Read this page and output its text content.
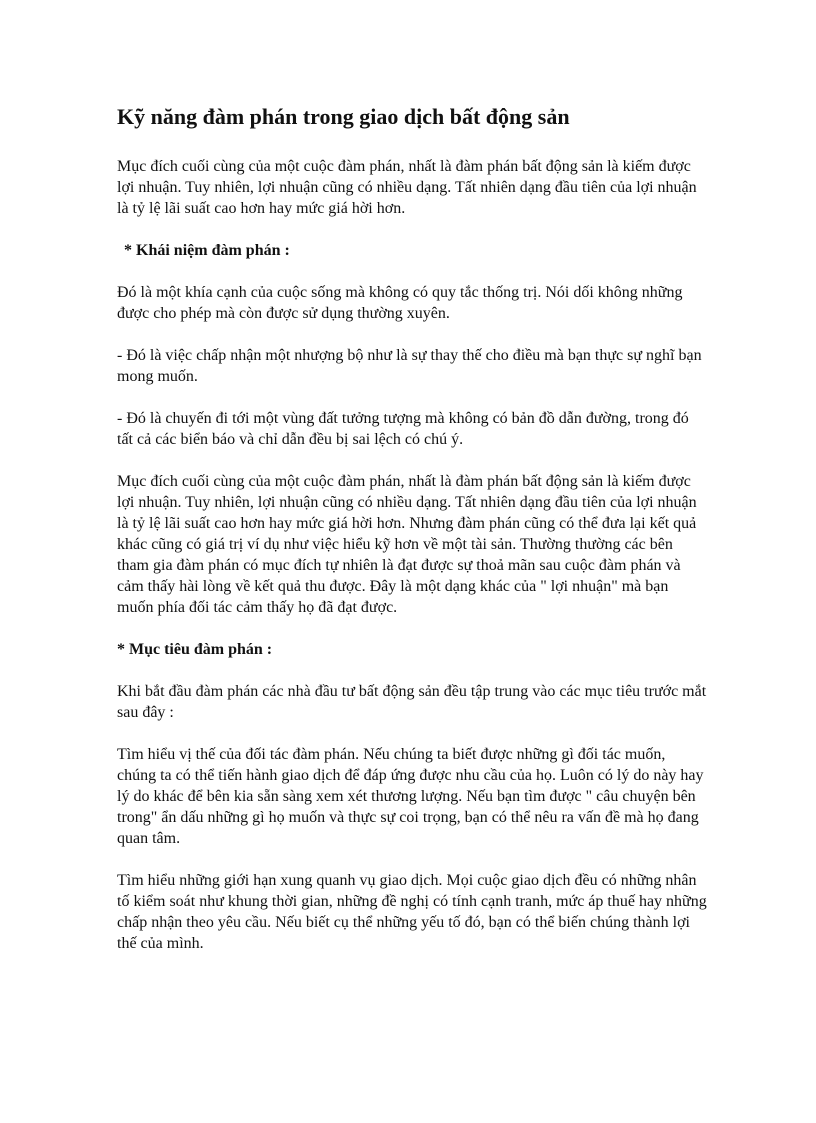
Kỹ năng đàm phán trong giao dịch bất động sản

Mục đích cuối cùng của một cuộc đàm phán, nhất là đàm phán bất động sản là kiếm được lợi nhuận. Tuy nhiên, lợi nhuận cũng có nhiều dạng. Tất nhiên dạng đầu tiên của lợi nhuận là tỷ lệ lãi suất cao hơn hay mức giá hời hơn.

* Khái niệm đàm phán :

Đó là một khía cạnh của cuộc sống mà không có quy tắc thống trị. Nói dối không những được cho phép mà còn được sử dụng thường xuyên.

- Đó là việc chấp nhận một nhượng bộ như là sự thay thế cho điều mà bạn thực sự nghĩ bạn mong muốn.

- Đó là chuyến đi tới một vùng đất tưởng tượng mà không có bản đồ dẫn đường, trong đó tất cả các biển báo và chỉ dẫn đều bị sai lệch có chú ý.

Mục đích cuối cùng của một cuộc đàm phán, nhất là đàm phán bất động sản là kiếm được lợi nhuận. Tuy nhiên, lợi nhuận cũng có nhiều dạng. Tất nhiên dạng đầu tiên của lợi nhuận là tỷ lệ lãi suất cao hơn hay mức giá hời hơn. Nhưng đàm phán cũng có thể đưa lại kết quả khác cũng có giá trị ví dụ như việc hiểu kỹ hơn về một tài sản. Thường thường các bên tham gia đàm phán có mục đích tự nhiên là đạt được sự thoả mãn sau cuộc đàm phán và cảm thấy hài lòng về kết quả thu được. Đây là một dạng khác của " lợi nhuận" mà bạn muốn phía đối tác cảm thấy họ đã đạt được.

* Mục tiêu đàm phán :

Khi bắt đầu đàm phán các nhà đầu tư bất động sản đều tập trung vào các mục tiêu trước mắt sau đây :

Tìm hiểu vị thế của đối tác đàm phán. Nếu chúng ta biết được những gì đối tác muốn, chúng ta có thể tiến hành giao dịch để đáp ứng được nhu cầu của họ. Luôn có lý do này hay lý do khác để bên kia sẵn sàng xem xét thương lượng. Nếu bạn tìm được " câu chuyện bên trong" ẩn dấu những gì họ muốn và thực sự coi trọng, bạn có thể nêu ra vấn đề mà họ đang quan tâm.

Tìm hiểu những giới hạn xung quanh vụ giao dịch. Mọi cuộc giao dịch đều có những nhân tố kiểm soát như khung thời gian, những đề nghị có tính cạnh tranh, mức áp thuế hay những chấp nhận theo yêu cầu. Nếu biết cụ thể những yếu tố đó, bạn có thể biến chúng thành lợi thế của mình.
